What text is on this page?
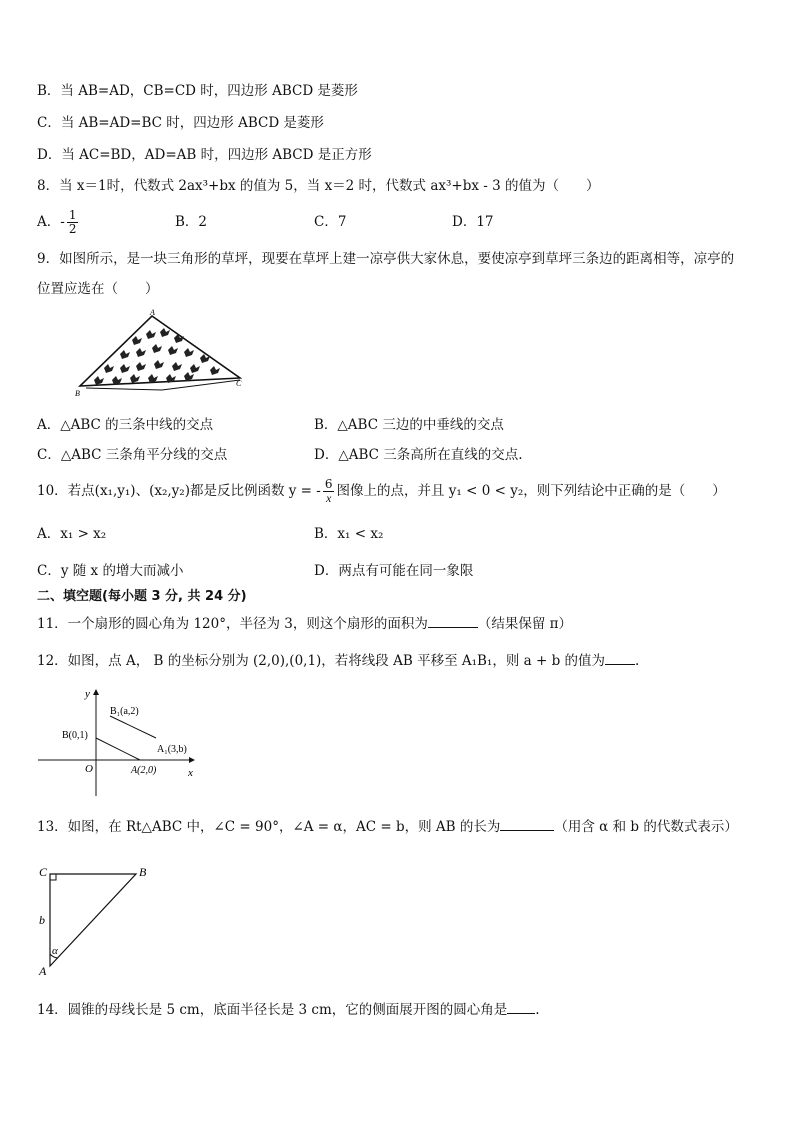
B．当 AB=AD，CB=CD 时，四边形 ABCD 是菱形
C．当 AB=AD=BC 时，四边形 ABCD 是菱形
D．当 AC=BD，AD=AB 时，四边形 ABCD 是正方形
8．当 x＝1时，代数式 2ax³+bx 的值为 5，当 x＝2 时，代数式 ax³+bx - 3 的值为（　　）
A．- $\frac{1}{2}$	B．2	C．7	D．17
9．如图所示，是一块三角形的草坪，现要在草坪上建一凉亭供大家休息，要使凉亭到草坪三条边的距离相等，凉亭的
位置应选在（　　）
A
B
C
A．△ABC 的三条中线的交点	B．△ABC 三边的中垂线的交点
C．△ABC 三条角平分线的交点	D．△ABC 三条高所在直线的交点.
10．若点(x₁,y₁)、(x₂,y₂)都是反比例函数 y = - $\frac{6}{x}$ 图像上的点，并且 y₁ < 0 < y₂，则下列结论中正确的是（　　）
A．x₁ > x₂	B．x₁ < x₂
C．y 随 x 的增大而减小	D．两点有可能在同一象限
二、填空题(每小题 3 分, 共 24 分)
11．一个扇形的圆心角为 120°，半径为 3，则这个扇形的面积为	（结果保留 π）
12．如图，点 A， B 的坐标分别为 (2,0),(0,1)，若将线段 AB 平移至 A₁B₁，则 a + b 的值为 .
y
x
O
B(0,1)
B₁(a,2)
A₁(3,b)
A(2,0)
13．如图，在 Rt△ABC 中，∠C = 90°，∠A = α，AC = b，则 AB 的长为	（用含 α 和 b 的代数式表示）
C	B
A
b
α
14．圆锥的母线长是 5 cm，底面半径长是 3 cm，它的侧面展开图的圆心角是 .
